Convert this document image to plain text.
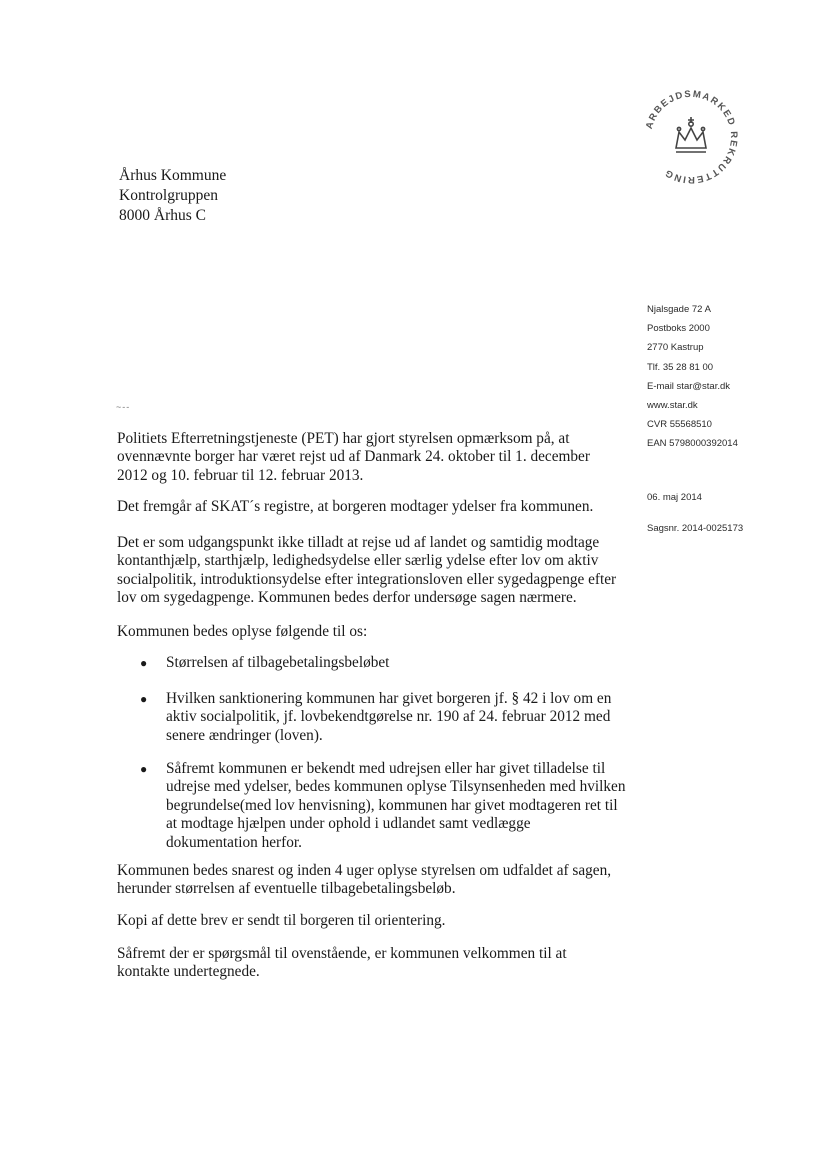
Århus Kommune
Kontrolgruppen
8000 Århus C
ARBEJDSMARKED REKRUTTERING
Njalsgade 72 A
Postboks 2000
2770 Kastrup
Tlf. 35 28 81 00
E-mail star@star.dk
www.star.dk
CVR 55568510
EAN 5798000392014
06. maj 2014
Sagsnr. 2014-0025173
~--

Politiets Efterretningstjeneste (PET) har gjort styrelsen opmærksom på, at ovennævnte borger har været rejst ud af Danmark 24. oktober til 1. december 2012 og 10. februar til 12. februar 2013.

Det fremgår af SKAT´s registre, at borgeren modtager ydelser fra kommunen.

Det er som udgangspunkt ikke tilladt at rejse ud af landet og samtidig modtage kontanthjælp, starthjælp, ledighedsydelse eller særlig ydelse efter lov om aktiv socialpolitik, introduktionsydelse efter integrationsloven eller sygedagpenge efter lov om sygedagpenge. Kommunen bedes derfor undersøge sagen nærmere.

Kommunen bedes oplyse følgende til os:

● Størrelsen af tilbagebetalingsbeløbet

● Hvilken sanktionering kommunen har givet borgeren jf. § 42 i lov om en aktiv socialpolitik, jf. lovbekendtgørelse nr. 190 af 24. februar 2012 med senere ændringer (loven).

● Såfremt kommunen er bekendt med udrejsen eller har givet tilladelse til udrejse med ydelser, bedes kommunen oplyse Tilsynsenheden med hvilken begrundelse(med lov henvisning), kommunen har givet modtageren ret til at modtage hjælpen under ophold i udlandet samt vedlægge dokumentation herfor.

Kommunen bedes snarest og inden 4 uger oplyse styrelsen om udfaldet af sagen, herunder størrelsen af eventuelle tilbagebetalingsbeløb.

Kopi af dette brev er sendt til borgeren til orientering.

Såfremt der er spørgsmål til ovenstående, er kommunen velkommen til at kontakte undertegnede.
